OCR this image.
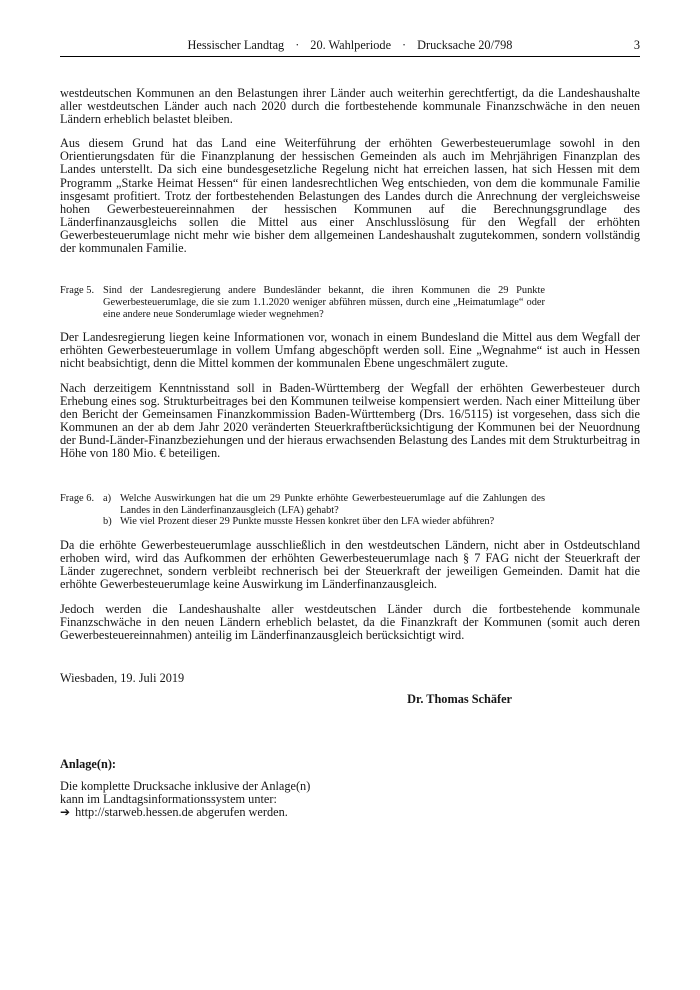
Hessischer Landtag · 20. Wahlperiode · Drucksache 20/798	3

westdeutschen Kommunen an den Belastungen ihrer Länder auch weiterhin gerechtfertigt, da die Landeshaushalte aller westdeutschen Länder auch nach 2020 durch die fortbestehende kommunale Finanzschwäche in den neuen Ländern erheblich belastet bleiben.

Aus diesem Grund hat das Land eine Weiterführung der erhöhten Gewerbesteuerumlage sowohl in den Orientierungsdaten für die Finanzplanung der hessischen Gemeinden als auch im Mehrjährigen Finanzplan des Landes unterstellt. Da sich eine bundesgesetzliche Regelung nicht hat erreichen lassen, hat sich Hessen mit dem Programm „Starke Heimat Hessen“ für einen landesrechtlichen Weg entschieden, von dem die kommunale Familie insgesamt profitiert. Trotz der fortbestehenden Belastungen des Landes durch die Anrechnung der vergleichsweise hohen Gewerbesteuereinnahmen der hessischen Kommunen auf die Berechnungsgrundlage des Länderfinanzausgleichs sollen die Mittel aus einer Anschlusslösung für den Wegfall der erhöhten Gewerbesteuerumlage nicht mehr wie bisher dem allgemeinen Landeshaushalt zugutekommen, sondern vollständig der kommunalen Familie.

Frage 5. Sind der Landesregierung andere Bundesländer bekannt, die ihren Kommunen die 29 Punkte Gewerbesteuerumlage, die sie zum 1.1.2020 weniger abführen müssen, durch eine „Heimatumlage“ oder eine andere neue Sonderumlage wieder wegnehmen?

Der Landesregierung liegen keine Informationen vor, wonach in einem Bundesland die Mittel aus dem Wegfall der erhöhten Gewerbesteuerumlage in vollem Umfang abgeschöpft werden soll. Eine „Wegnahme“ ist auch in Hessen nicht beabsichtigt, denn die Mittel kommen der kommunalen Ebene ungeschmälert zugute.

Nach derzeitigem Kenntnisstand soll in Baden-Württemberg der Wegfall der erhöhten Gewerbesteuer durch Erhebung eines sog. Strukturbeitrages bei den Kommunen teilweise kompensiert werden. Nach einer Mitteilung über den Bericht der Gemeinsamen Finanzkommission Baden-Württemberg (Drs. 16/5115) ist vorgesehen, dass sich die Kommunen an der ab dem Jahr 2020 veränderten Steuerkraftberücksichtigung der Kommunen bei der Neuordnung der Bund-Länder-Finanzbeziehungen und der hieraus erwachsenden Belastung des Landes mit dem Strukturbeitrag in Höhe von 180 Mio. € beteiligen.

Frage 6. a) Welche Auswirkungen hat die um 29 Punkte erhöhte Gewerbesteuerumlage auf die Zahlungen des Landes in den Länderfinanzausgleich (LFA) gehabt?
b) Wie viel Prozent dieser 29 Punkte musste Hessen konkret über den LFA wieder abführen?

Da die erhöhte Gewerbesteuerumlage ausschließlich in den westdeutschen Ländern, nicht aber in Ostdeutschland erhoben wird, wird das Aufkommen der erhöhten Gewerbesteuerumlage nach § 7 FAG nicht der Steuerkraft der Länder zugerechnet, sondern verbleibt rechnerisch bei der Steuerkraft der jeweiligen Gemeinden. Damit hat die erhöhte Gewerbesteuerumlage keine Auswirkung im Länderfinanzausgleich.

Jedoch werden die Landeshaushalte aller westdeutschen Länder durch die fortbestehende kommunale Finanzschwäche in den neuen Ländern erheblich belastet, da die Finanzkraft der Kommunen (somit auch deren Gewerbesteuereinnahmen) anteilig im Länderfinanzausgleich berücksichtigt wird.

Wiesbaden, 19. Juli 2019
Dr. Thomas Schäfer
Anlage(n):
Die komplette Drucksache inklusive der Anlage(n)
kann im Landtagsinformationssystem unter:
➔ http://starweb.hessen.de abgerufen werden.
